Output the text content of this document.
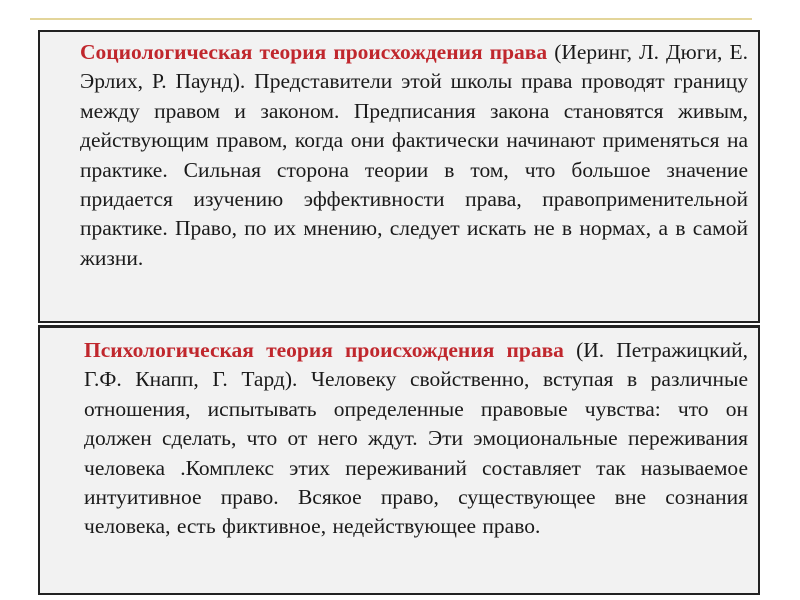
Социологическая теория происхождения права (Иеринг, Л. Дюги, Е. Эрлих, Р. Паунд). Представители этой школы права проводят границу между правом и законом. Предписания закона становятся живым, действующим правом, когда они фактически начинают применяться на практике. Сильная сторона теории в том, что большое значение придается изучению эффективности права, правоприменительной практике. Право, по их мнению, следует искать не в нормах, а в самой жизни.

Психологическая теория происхождения права (И. Петражицкий, Г.Ф. Кнапп, Г. Тард). Человеку свойственно, вступая в различные отношения, испытывать определенные правовые чувства: что он должен сделать, что от него ждут. Эти эмоциональные переживания человека .Комплекс этих переживаний составляет так называемое интуитивное право. Всякое право, существующее вне сознания человека, есть фиктивное, недействующее право.
